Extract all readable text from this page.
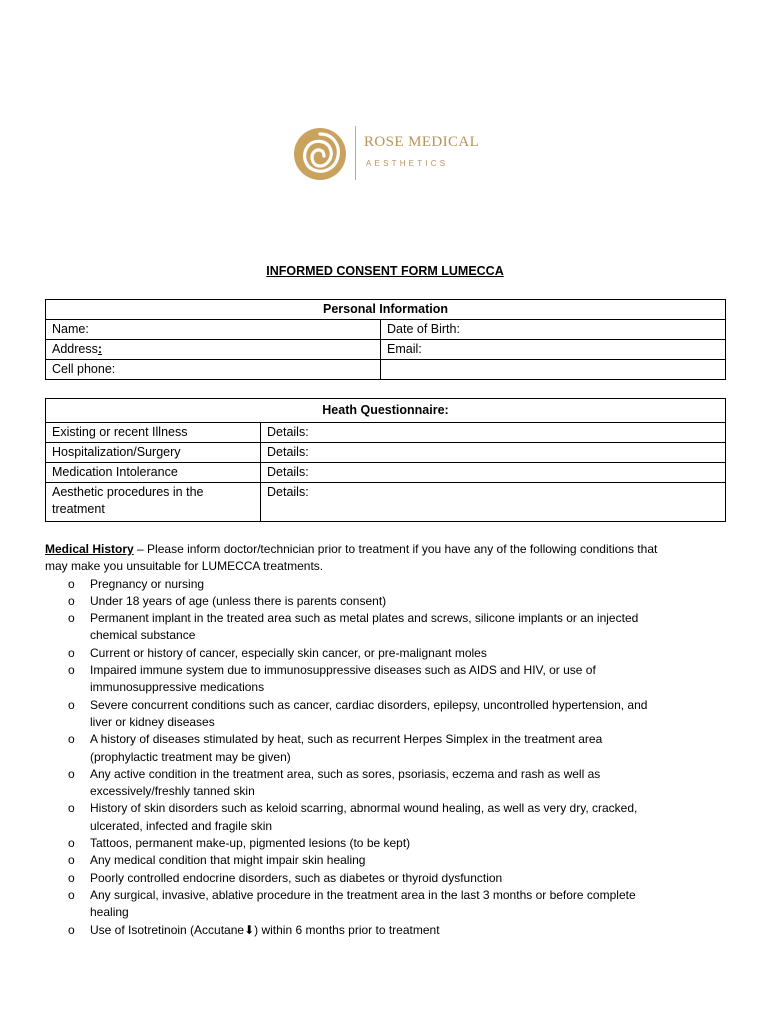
ROSE MEDICAL
AESTHETICS
INFORMED CONSENT FORM LUMECCA
Personal Information	
Name:	Date of Birth:
Address:	Email:
Cell phone:	
Heath Questionnaire:	
Existing or recent Illness	Details:
Hospitalization/Surgery	Details:
Medication Intolerance	Details:
Aesthetic procedures in the treatment	Details:
Medical History – Please inform doctor/technician prior to treatment if you have any of the following conditions that may make you unsuitable for LUMECCA treatments.
o Pregnancy or nursing
o Under 18 years of age (unless there is parents consent)
o Permanent implant in the treated area such as metal plates and screws, silicone implants or an injected chemical substance
o Current or history of cancer, especially skin cancer, or pre-malignant moles
o Impaired immune system due to immunosuppressive diseases such as AIDS and HIV, or use of immunosuppressive medications
o Severe concurrent conditions such as cancer, cardiac disorders, epilepsy, uncontrolled hypertension, and liver or kidney diseases
o A history of diseases stimulated by heat, such as recurrent Herpes Simplex in the treatment area (prophylactic treatment may be given)
o Any active condition in the treatment area, such as sores, psoriasis, eczema and rash as well as excessively/freshly tanned skin
o History of skin disorders such as keloid scarring, abnormal wound healing, as well as very dry, cracked, ulcerated, infected and fragile skin
o Tattoos, permanent make-up, pigmented lesions (to be kept)
o Any medical condition that might impair skin healing
o Poorly controlled endocrine disorders, such as diabetes or thyroid dysfunction
o Any surgical, invasive, ablative procedure in the treatment area in the last 3 months or before complete healing
o Use of Isotretinoin (Accutane⬇) within 6 months prior to treatment
